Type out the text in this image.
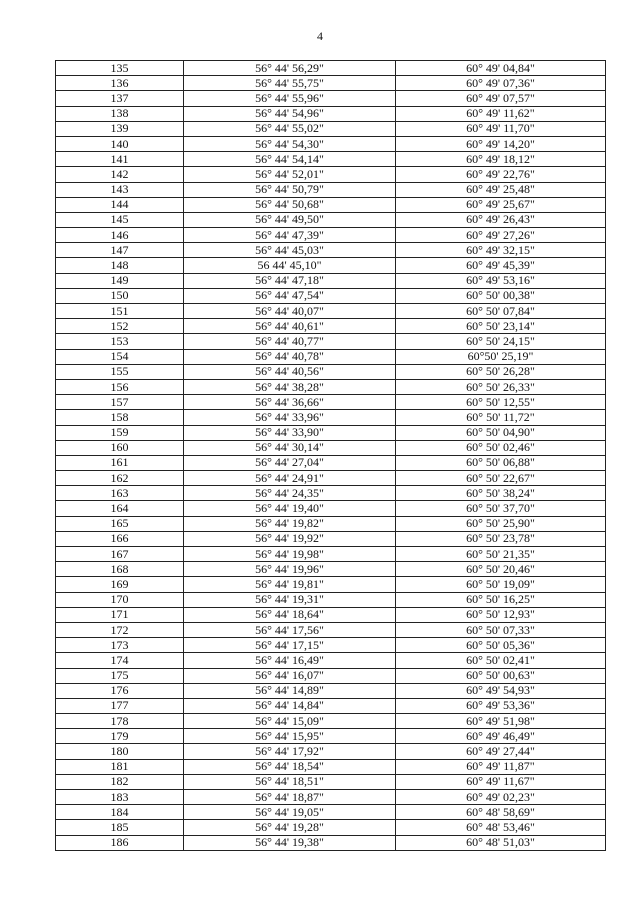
4
135	56° 44' 56,29"	60° 49' 04,84"
136	56° 44' 55,75"	60° 49' 07,36"
137	56° 44' 55,96"	60° 49' 07,57"
138	56° 44' 54,96"	60° 49' 11,62"
139	56° 44' 55,02"	60° 49' 11,70"
140	56° 44' 54,30"	60° 49' 14,20"
141	56° 44' 54,14"	60° 49' 18,12"
142	56° 44' 52,01"	60° 49' 22,76"
143	56° 44' 50,79"	60° 49' 25,48"
144	56° 44' 50,68"	60° 49' 25,67"
145	56° 44' 49,50"	60° 49' 26,43"
146	56° 44' 47,39"	60° 49' 27,26"
147	56° 44' 45,03"	60° 49' 32,15"
148	56 44' 45,10"	60° 49' 45,39"
149	56° 44' 47,18"	60° 49' 53,16"
150	56° 44' 47,54"	60° 50' 00,38"
151	56° 44' 40,07"	60° 50' 07,84"
152	56° 44' 40,61"	60° 50' 23,14"
153	56° 44' 40,77"	60° 50' 24,15"
154	56° 44' 40,78"	60°50' 25,19"
155	56° 44' 40,56"	60° 50' 26,28"
156	56° 44' 38,28"	60° 50' 26,33"
157	56° 44' 36,66"	60° 50' 12,55"
158	56° 44' 33,96"	60° 50' 11,72"
159	56° 44' 33,90"	60° 50' 04,90"
160	56° 44' 30,14"	60° 50' 02,46"
161	56° 44' 27,04"	60° 50' 06,88"
162	56° 44' 24,91"	60° 50' 22,67"
163	56° 44' 24,35"	60° 50' 38,24"
164	56° 44' 19,40"	60° 50' 37,70"
165	56° 44' 19,82"	60° 50' 25,90"
166	56° 44' 19,92"	60° 50' 23,78"
167	56° 44' 19,98"	60° 50' 21,35"
168	56° 44' 19,96"	60° 50' 20,46"
169	56° 44' 19,81"	60° 50' 19,09"
170	56° 44' 19,31"	60° 50' 16,25"
171	56° 44' 18,64"	60° 50' 12,93"
172	56° 44' 17,56"	60° 50' 07,33"
173	56° 44' 17,15"	60° 50' 05,36"
174	56° 44' 16,49"	60° 50' 02,41"
175	56° 44' 16,07"	60° 50' 00,63"
176	56° 44' 14,89"	60° 49' 54,93"
177	56° 44' 14,84"	60° 49' 53,36"
178	56° 44' 15,09"	60° 49' 51,98"
179	56° 44' 15,95"	60° 49' 46,49"
180	56° 44' 17,92"	60° 49' 27,44"
181	56° 44' 18,54"	60° 49' 11,87"
182	56° 44' 18,51"	60° 49' 11,67"
183	56° 44' 18,87"	60° 49' 02,23"
184	56° 44' 19,05"	60° 48' 58,69"
185	56° 44' 19,28"	60° 48' 53,46"
186	56° 44' 19,38"	60° 48' 51,03"
